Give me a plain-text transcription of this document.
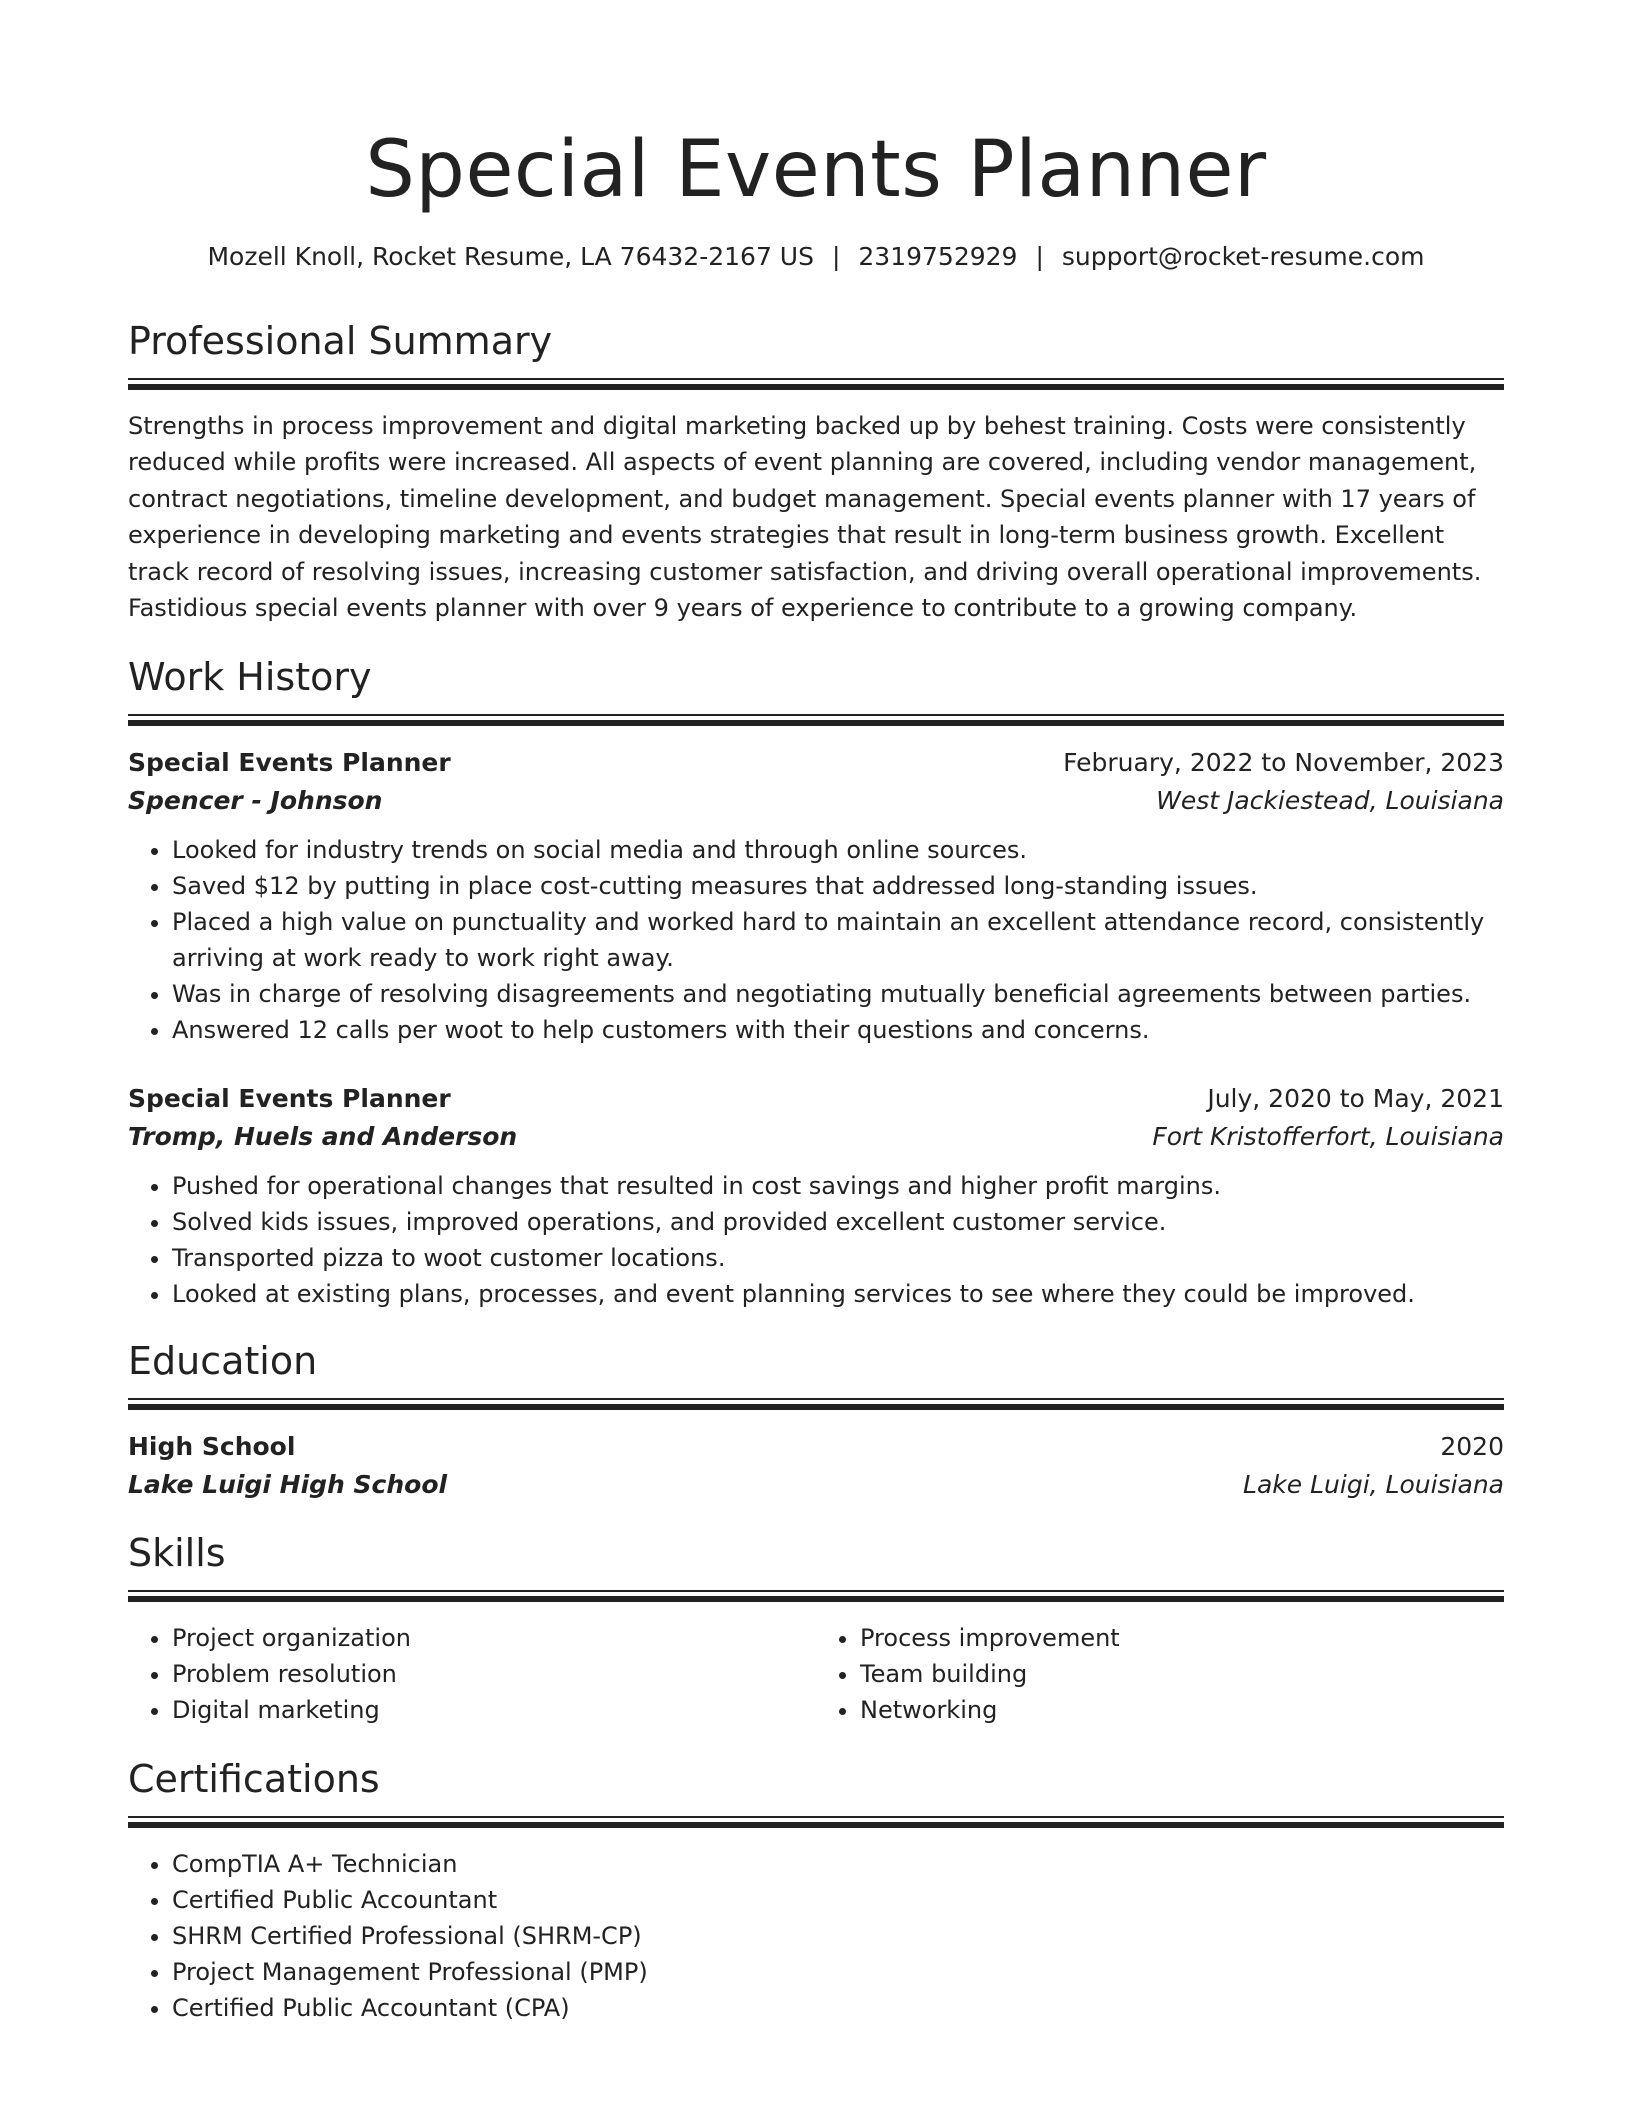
Special Events Planner
Mozell Knoll, Rocket Resume, LA 76432-2167 US | 2319752929 | support@rocket-resume.com
Professional Summary

Strengths in process improvement and digital marketing backed up by behest training. Costs were consistently reduced while profits were increased. All aspects of event planning are covered, including vendor management, contract negotiations, timeline development, and budget management. Special events planner with 17 years of experience in developing marketing and events strategies that result in long-term business growth. Excellent track record of resolving issues, increasing customer satisfaction, and driving overall operational improvements. Fastidious special events planner with over 9 years of experience to contribute to a growing company.

Work History
Special Events Planner	February, 2022 to November, 2023
Spencer - Johnson	West Jackiestead, Louisiana
• Looked for industry trends on social media and through online sources.
• Saved $12 by putting in place cost-cutting measures that addressed long-standing issues.
• Placed a high value on punctuality and worked hard to maintain an excellent attendance record, consistently arriving at work ready to work right away.
• Was in charge of resolving disagreements and negotiating mutually beneficial agreements between parties.
• Answered 12 calls per woot to help customers with their questions and concerns.
Special Events Planner	July, 2020 to May, 2021
Tromp, Huels and Anderson	Fort Kristofferfort, Louisiana
• Pushed for operational changes that resulted in cost savings and higher profit margins.
• Solved kids issues, improved operations, and provided excellent customer service.
• Transported pizza to woot customer locations.
• Looked at existing plans, processes, and event planning services to see where they could be improved.
Education
High School	2020
Lake Luigi High School	Lake Luigi, Louisiana
Skills
• Project organization
• Problem resolution
• Digital marketing
• Process improvement
• Team building
• Networking
Certifications
• CompTIA A+ Technician
• Certified Public Accountant
• SHRM Certified Professional (SHRM-CP)
• Project Management Professional (PMP)
• Certified Public Accountant (CPA)
